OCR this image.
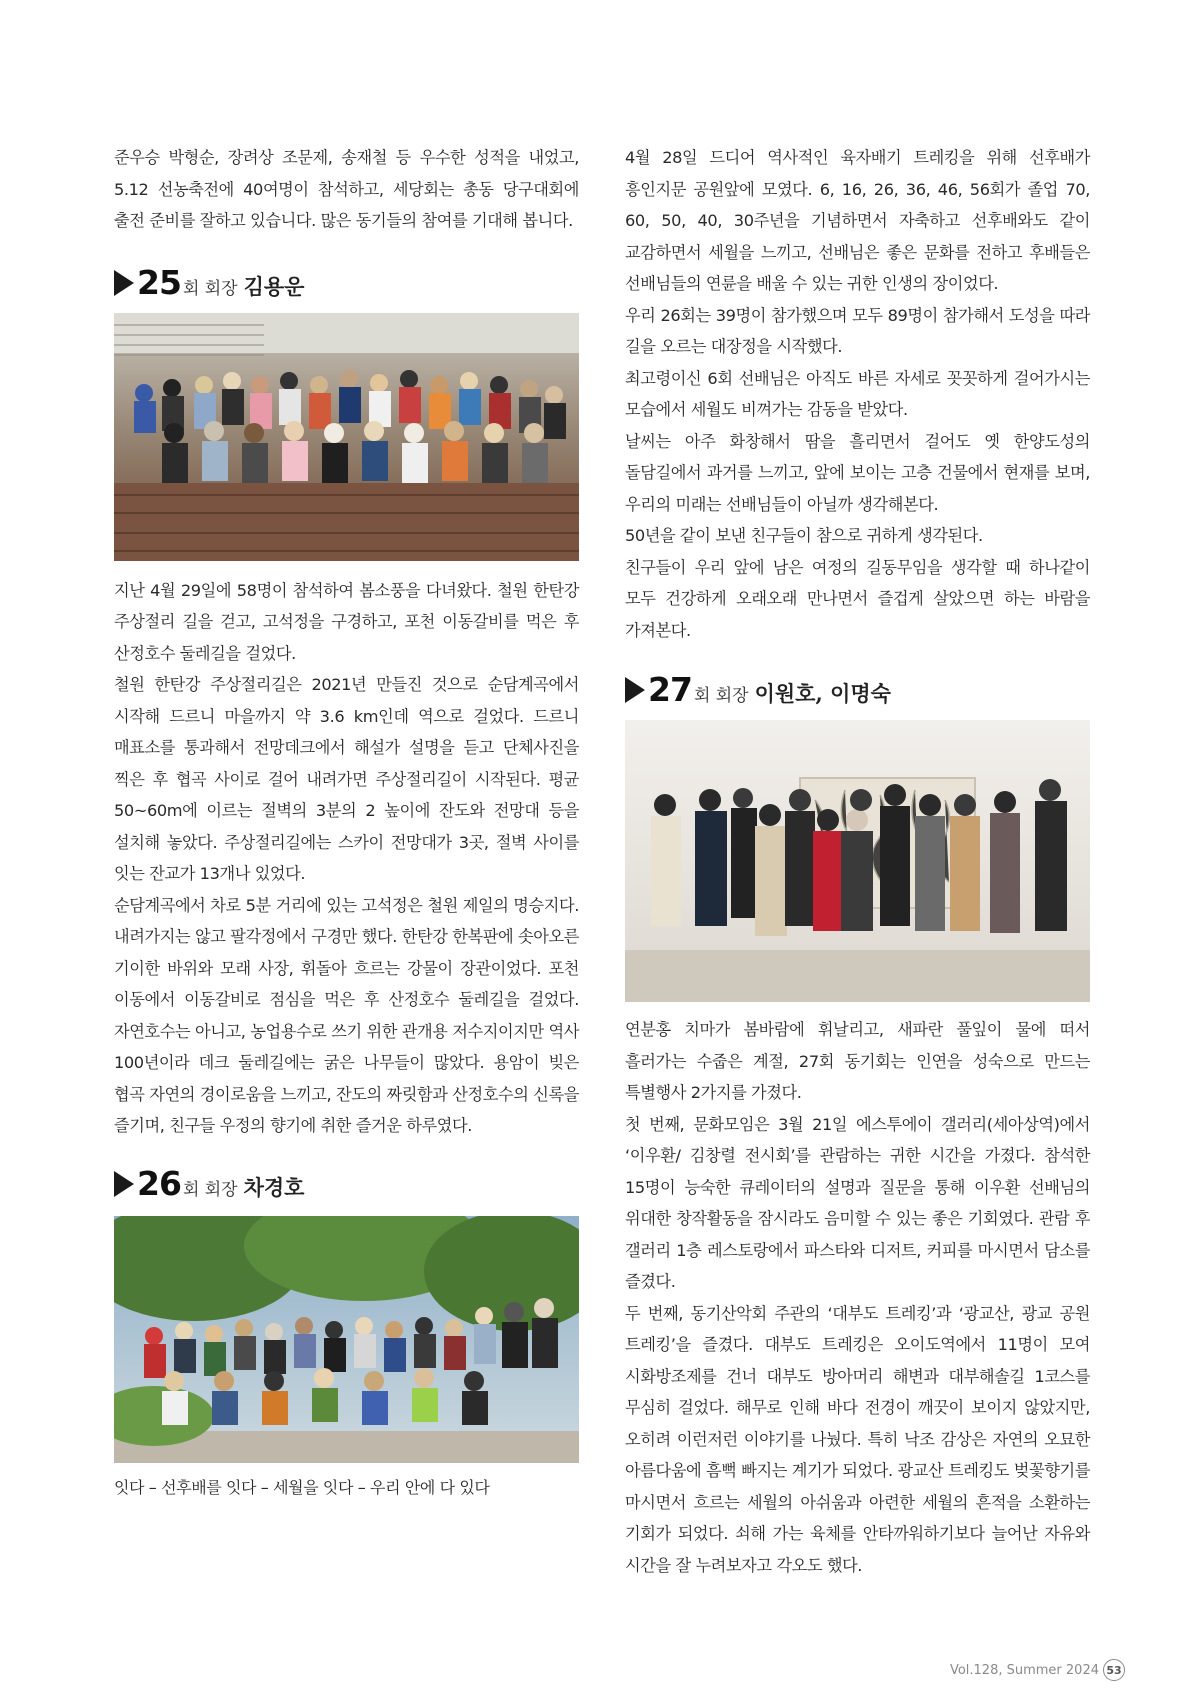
준우승 박형순, 장려상 조문제, 송재철 등 우수한 성적을 내었고, 5.12 선농축전에 40여명이 참석하고, 세당회는 총동 당구대회에 출전 준비를 잘하고 있습니다. 많은 동기들의 참여를 기대해 봅니다.

25 회 회장 김용운

지난 4월 29일에 58명이 참석하여 봄소풍을 다녀왔다. 철원 한탄강 주상절리 길을 걷고, 고석정을 구경하고, 포천 이동갈비를 먹은 후 산정호수 둘레길을 걸었다.

철원 한탄강 주상절리길은 2021년 만들진 것으로 순담계곡에서 시작해 드르니 마을까지 약 3.6 km인데 역으로 걸었다. 드르니 매표소를 통과해서 전망데크에서 해설가 설명을 듣고 단체사진을 찍은 후 협곡 사이로 걸어 내려가면 주상절리길이 시작된다. 평균 50~60m에 이르는 절벽의 3분의 2 높이에 잔도와 전망대 등을 설치해 놓았다. 주상절리길에는 스카이 전망대가 3곳, 절벽 사이를 잇는 잔교가 13개나 있었다.

순담계곡에서 차로 5분 거리에 있는 고석정은 철원 제일의 명승지다. 내려가지는 않고 팔각정에서 구경만 했다. 한탄강 한복판에 솟아오른 기이한 바위와 모래 사장, 휘돌아 흐르는 강물이 장관이었다. 포천 이동에서 이동갈비로 점심을 먹은 후 산정호수 둘레길을 걸었다. 자연호수는 아니고, 농업용수로 쓰기 위한 관개용 저수지이지만 역사 100년이라 데크 둘레길에는 굵은 나무들이 많았다. 용암이 빚은 협곡 자연의 경이로움을 느끼고, 잔도의 짜릿함과 산정호수의 신록을 즐기며, 친구들 우정의 향기에 취한 즐거운 하루였다.

26 회 회장 차경호

잇다 – 선후배를 잇다 – 세월을 잇다 – 우리 안에 다 있다

4월 28일 드디어 역사적인 육자배기 트레킹을 위해 선후배가 흥인지문 공원앞에 모였다. 6, 16, 26, 36, 46, 56회가 졸업 70, 60, 50, 40, 30주년을 기념하면서 자축하고 선후배와도 같이 교감하면서 세월을 느끼고, 선배님은 좋은 문화를 전하고 후배들은 선배님들의 연륜을 배울 수 있는 귀한 인생의 장이었다.

우리 26회는 39명이 참가했으며 모두 89명이 참가해서 도성을 따라 길을 오르는 대장정을 시작했다.

최고령이신 6회 선배님은 아직도 바른 자세로 꼿꼿하게 걸어가시는 모습에서 세월도 비껴가는 감동을 받았다.

날씨는 아주 화창해서 땀을 흘리면서 걸어도 옛 한양도성의 돌담길에서 과거를 느끼고, 앞에 보이는 고층 건물에서 현재를 보며, 우리의 미래는 선배님들이 아닐까 생각해본다.

50년을 같이 보낸 친구들이 참으로 귀하게 생각된다.

친구들이 우리 앞에 남은 여정의 길동무임을 생각할 때 하나같이 모두 건강하게 오래오래 만나면서 즐겁게 살았으면 하는 바람을 가져본다.

27 회 회장 이원호, 이명숙

연분홍 치마가 봄바람에 휘날리고, 새파란 풀잎이 물에 떠서 흘러가는 수줍은 계절, 27회 동기회는 인연을 성숙으로 만드는 특별행사 2가지를 가졌다.

첫 번째, 문화모임은 3월 21일 에스투에이 갤러리(세아상역)에서 ‘이우환/ 김창렬 전시회’를 관람하는 귀한 시간을 가졌다. 참석한 15명이 능숙한 큐레이터의 설명과 질문을 통해 이우환 선배님의 위대한 창작활동을 잠시라도 음미할 수 있는 좋은 기회였다. 관람 후 갤러리 1층 레스토랑에서 파스타와 디저트, 커피를 마시면서 담소를 즐겼다.

두 번째, 동기산악회 주관의 ‘대부도 트레킹’과 ‘광교산, 광교 공원 트레킹’을 즐겼다. 대부도 트레킹은 오이도역에서 11명이 모여 시화방조제를 건너 대부도 방아머리 해변과 대부해솔길 1코스를 무심히 걸었다. 해무로 인해 바다 전경이 깨끗이 보이지 않았지만, 오히려 이런저런 이야기를 나눴다. 특히 낙조 감상은 자연의 오묘한 아름다움에 흠뻑 빠지는 계기가 되었다. 광교산 트레킹도 벚꽃향기를 마시면서 흐르는 세월의 아쉬움과 아련한 세월의 흔적을 소환하는 기회가 되었다. 쇠해 가는 육체를 안타까워하기보다 늘어난 자유와 시간을 잘 누려보자고 각오도 했다.

Vol.128, Summer 2024 53
